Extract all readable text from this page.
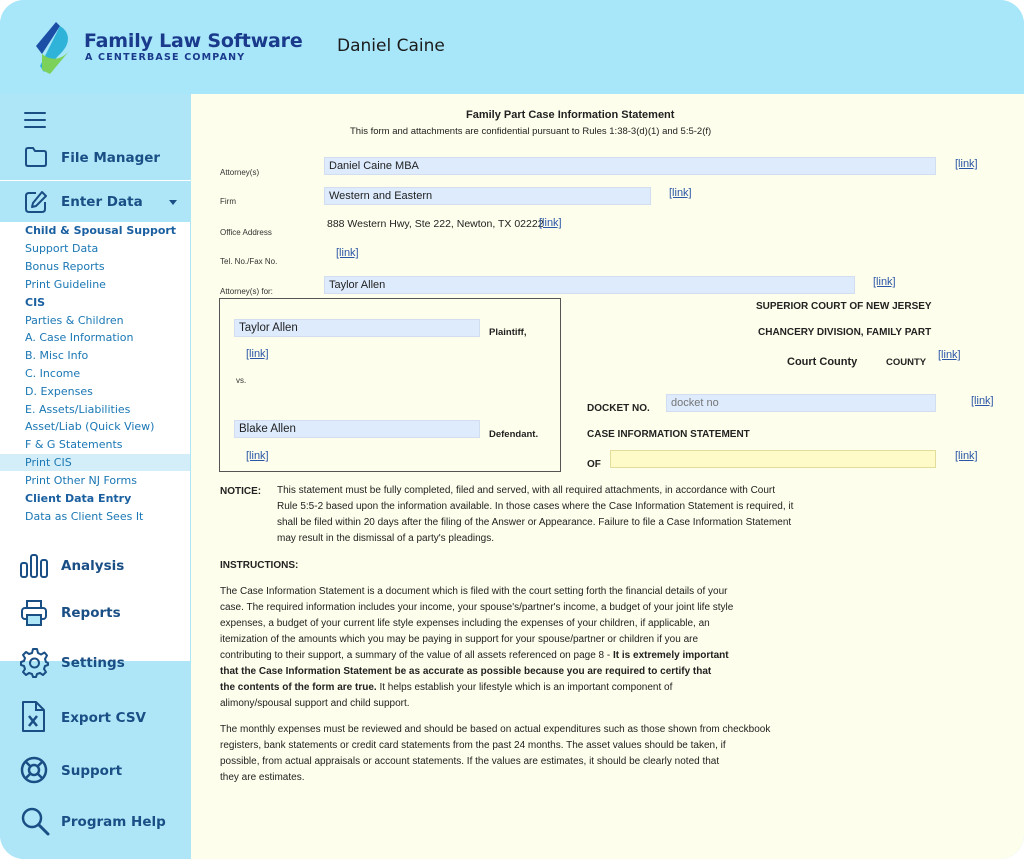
Family Law Software
A CENTERBASE COMPANY
Daniel Caine
File Manager
Enter Data
Child & Spousal Support
Support Data
Bonus Reports
Print Guideline
CIS
Parties & Children
A. Case Information
B. Misc Info
C. Income
D. Expenses
E. Assets/Liabilities
Asset/Liab (Quick View)
F & G Statements
Print CIS
Print Other NJ Forms
Client Data Entry
Data as Client Sees It
Analysis
Reports
Settings
Export CSV
Support
Program Help
Family Part Case Information Statement
This form and attachments are confidential pursuant to Rules 1:38-3(d)(1) and 5:5-2(f)
Attorney(s)
Daniel Caine MBA	[link]
Firm	Western and Eastern	[link]
Office Address
888 Western Hwy, Ste 222, Newton, TX 02222
[link]
Tel. No./Fax No.
[link]
Attorney(s) for:
Taylor Allen	[link]
Taylor Allen	Plaintiff,
[link]
vs.
Blake Allen	Defendant.
[link]
SUPERIOR COURT OF NEW JERSEY
CHANCERY DIVISION, FAMILY PART
Court County	COUNTY
[link]
DOCKET NO.
docket no
[link]
CASE INFORMATION STATEMENT
OF
[link]
NOTICE: This statement must be fully completed, filed and served, with all required attachments, in accordance with Court
Rule 5:5-2 based upon the information available. In those cases where the Case Information Statement is required, it
shall be filed within 20 days after the filing of the Answer or Appearance. Failure to file a Case Information Statement
may result in the dismissal of a party's pleadings.
INSTRUCTIONS:
The Case Information Statement is a document which is filed with the court setting forth the financial details of your
case. The required information includes your income, your spouse's/partner's income, a budget of your joint life style
expenses, a budget of your current life style expenses including the expenses of your children, if applicable, an
itemization of the amounts which you may be paying in support for your spouse/partner or children if you are
contributing to their support, a summary of the value of all assets referenced on page 8 - It is extremely important
that the Case Information Statement be as accurate as possible because you are required to certify that
the contents of the form are true. It helps establish your lifestyle which is an important component of
alimony/spousal support and child support.
The monthly expenses must be reviewed and should be based on actual expenditures such as those shown from checkbook
registers, bank statements or credit card statements from the past 24 months. The asset values should be taken, if
possible, from actual appraisals or account statements. If the values are estimates, it should be clearly noted that
they are estimates.
